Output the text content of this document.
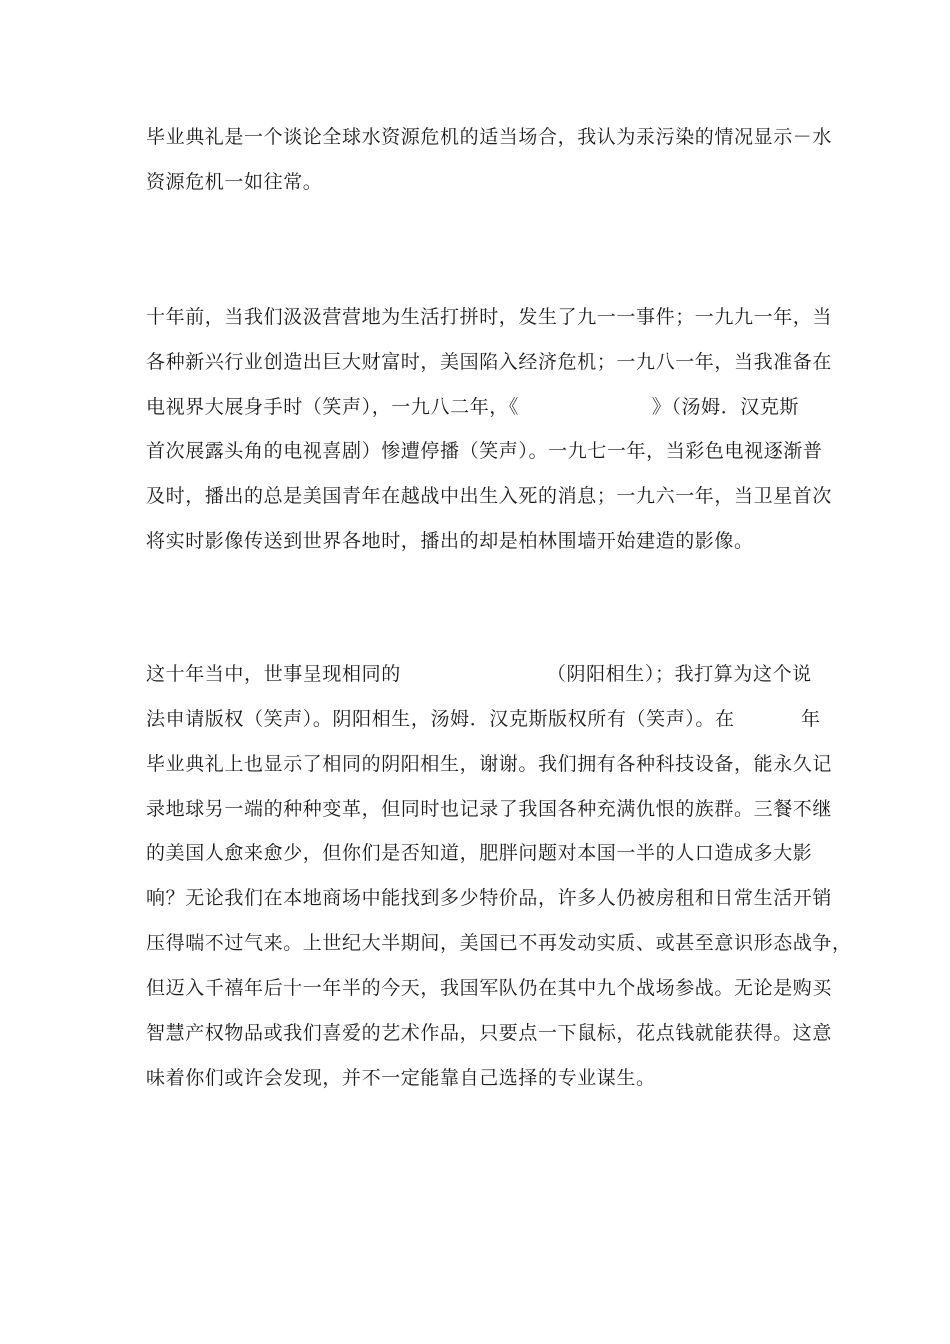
毕业典礼是一个谈论全球水资源危机的适当场合，我认为汞污染的情况显示－水
资源危机一如往常。
十年前，当我们汲汲营营地为生活打拼时，发生了九一一事件；一九九一年，当
各种新兴行业创造出巨大财富时，美国陷入经济危机；一九八一年，当我准备在
电视界大展身手时（笑声），一九八二年，《                    》（汤姆．汉克斯
首次展露头角的电视喜剧）惨遭停播（笑声）。一九七一年，当彩色电视逐渐普
及时，播出的总是美国青年在越战中出生入死的消息；一九六一年，当卫星首次
将实时影像传送到世界各地时，播出的却是柏林围墙开始建造的影像。
这十年当中，世事呈现相同的                      （阴阳相生）；我打算为这个说
法申请版权（笑声）。阴阳相生，汤姆．汉克斯版权所有（笑声）。在          年
毕业典礼上也显示了相同的阴阳相生，谢谢。我们拥有各种科技设备，能永久记
录地球另一端的种种变革，但同时也记录了我国各种充满仇恨的族群。三餐不继
的美国人愈来愈少，但你们是否知道，肥胖问题对本国一半的人口造成多大影
响？无论我们在本地商场中能找到多少特价品，许多人仍被房租和日常生活开销
压得喘不过气来。上世纪大半期间，美国已不再发动实质、或甚至意识形态战争，
但迈入千禧年后十一年半的今天，我国军队仍在其中九个战场参战。无论是购买
智慧产权物品或我们喜爱的艺术作品，只要点一下鼠标，花点钱就能获得。这意
味着你们或许会发现，并不一定能靠自己选择的专业谋生。
